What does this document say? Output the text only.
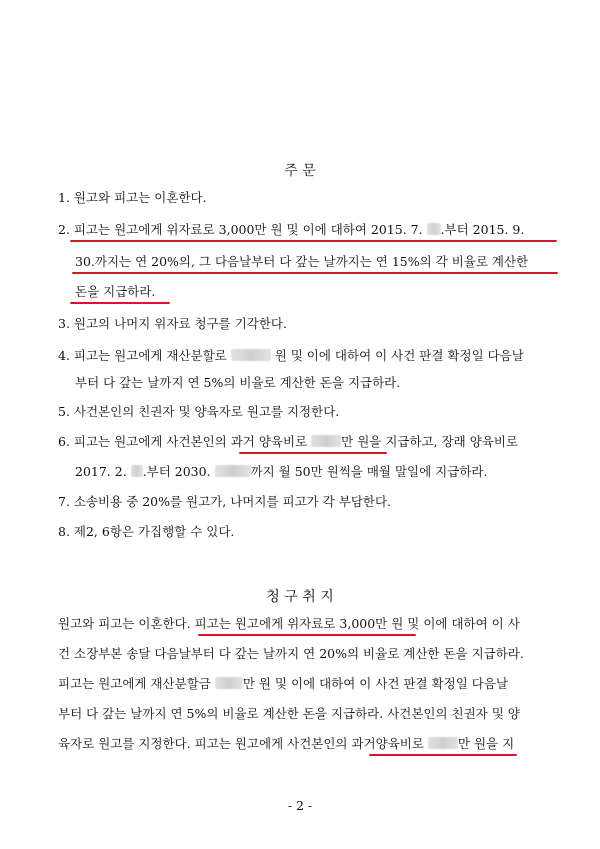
주 문
1. 원고와 피고는 이혼한다.
2. 피고는 원고에게 위자료로 3,000만 원 및 이에 대하여 2015. 7. .부터 2015. 9.
30.까지는 연 20%의, 그 다음날부터 다 갚는 날까지는 연 15%의 각 비율로 계산한
돈을 지급하라.
3. 원고의 나머지 위자료 청구를 기각한다.
4. 피고는 원고에게 재산분할로	원 및 이에 대하여 이 사건 판결 확정일 다음날
부터 다 갚는 날까지 연 5%의 비율로 계산한 돈을 지급하라.
5. 사건본인의 친권자 및 양육자로 원고를 지정한다.
6. 피고는 원고에게 사건본인의 과거 양육비로 만 원을 지급하고, 장래 양육비로
2017. 2. .부터 2030.	까지 월 50만 원씩을 매월 말일에 지급하라.
7. 소송비용 중 20%를 원고가, 나머지를 피고가 각 부담한다.
8. 제2, 6항은 가집행할 수 있다.
청 구 취 지
원고와 피고는 이혼한다. 피고는 원고에게 위자료로 3,000만 원 및 이에 대하여 이 사
건 소장부본 송달 다음날부터 다 갚는 날까지 연 20%의 비율로 계산한 돈을 지급하라.
피고는 원고에게 재산분할금 만 원 및 이에 대하여 이 사건 판결 확정일 다음날
부터 다 갚는 날까지 연 5%의 비율로 계산한 돈을 지급하라. 사건본인의 친권자 및 양
육자로 원고를 지정한다. 피고는 원고에게 사건본인의 과거양육비로 만 원을 지
- 2 -
